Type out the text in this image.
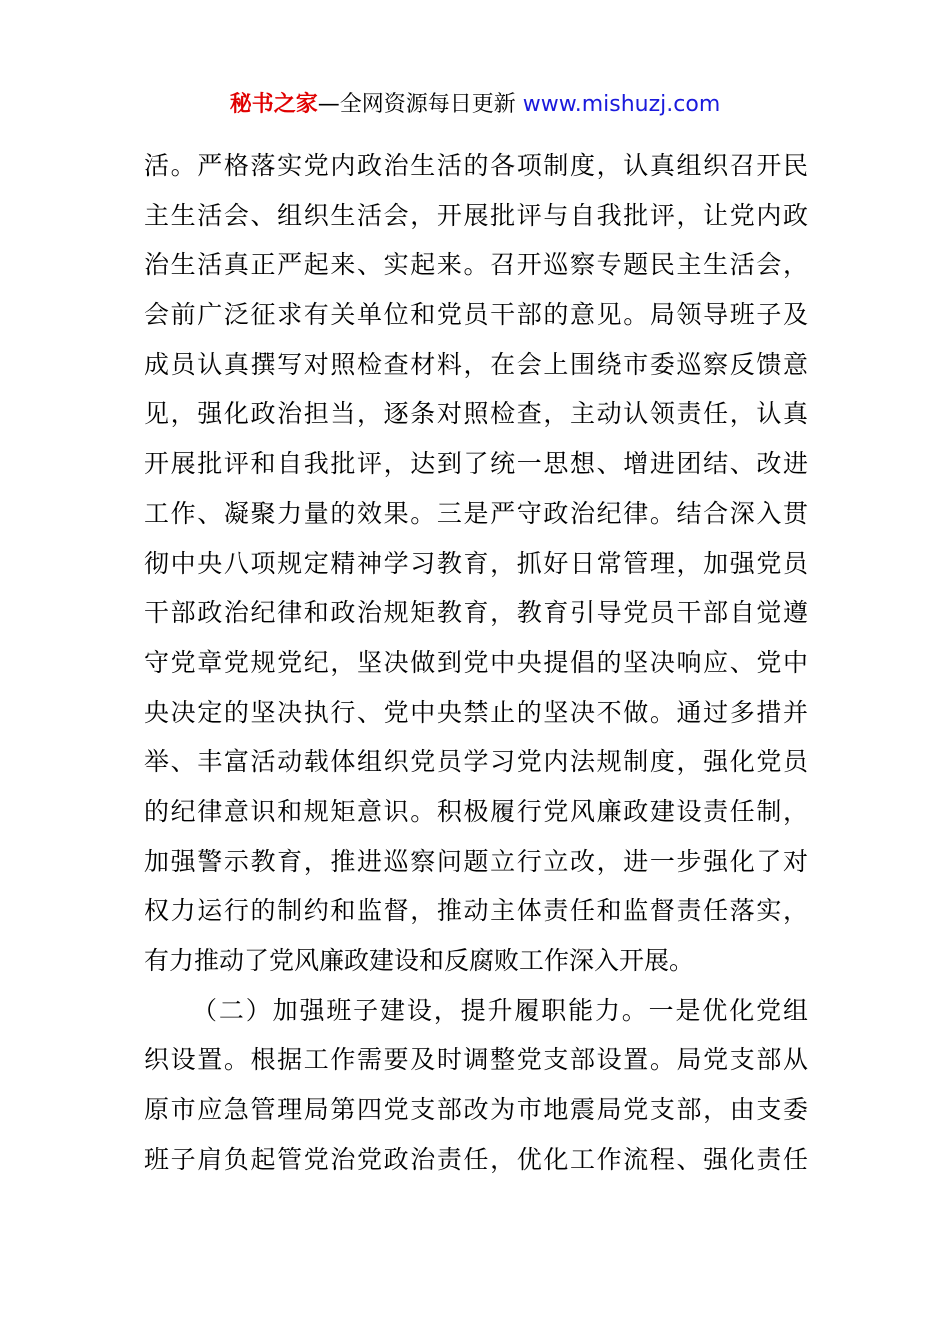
秘书之家—全网资源每日更新 www.mishuzj.com
活。严格落实党内政治生活的各项制度，认真组织召开民
主生活会、组织生活会，开展批评与自我批评，让党内政
治生活真正严起来、实起来。召开巡察专题民主生活会，
会前广泛征求有关单位和党员干部的意见。局领导班子及
成员认真撰写对照检查材料，在会上围绕市委巡察反馈意
见，强化政治担当，逐条对照检查，主动认领责任，认真
开展批评和自我批评，达到了统一思想、增进团结、改进
工作、凝聚力量的效果。三是严守政治纪律。结合深入贯
彻中央八项规定精神学习教育，抓好日常管理，加强党员
干部政治纪律和政治规矩教育，教育引导党员干部自觉遵
守党章党规党纪，坚决做到党中央提倡的坚决响应、党中
央决定的坚决执行、党中央禁止的坚决不做。通过多措并
举、丰富活动载体组织党员学习党内法规制度，强化党员
的纪律意识和规矩意识。积极履行党风廉政建设责任制，
加强警示教育，推进巡察问题立行立改，进一步强化了对
权力运行的制约和监督，推动主体责任和监督责任落实，
有力推动了党风廉政建设和反腐败工作深入开展。
（二）加强班子建设，提升履职能力。一是优化党组
织设置。根据工作需要及时调整党支部设置。局党支部从
原市应急管理局第四党支部改为市地震局党支部，由支委
班子肩负起管党治党政治责任，优化工作流程、强化责任
